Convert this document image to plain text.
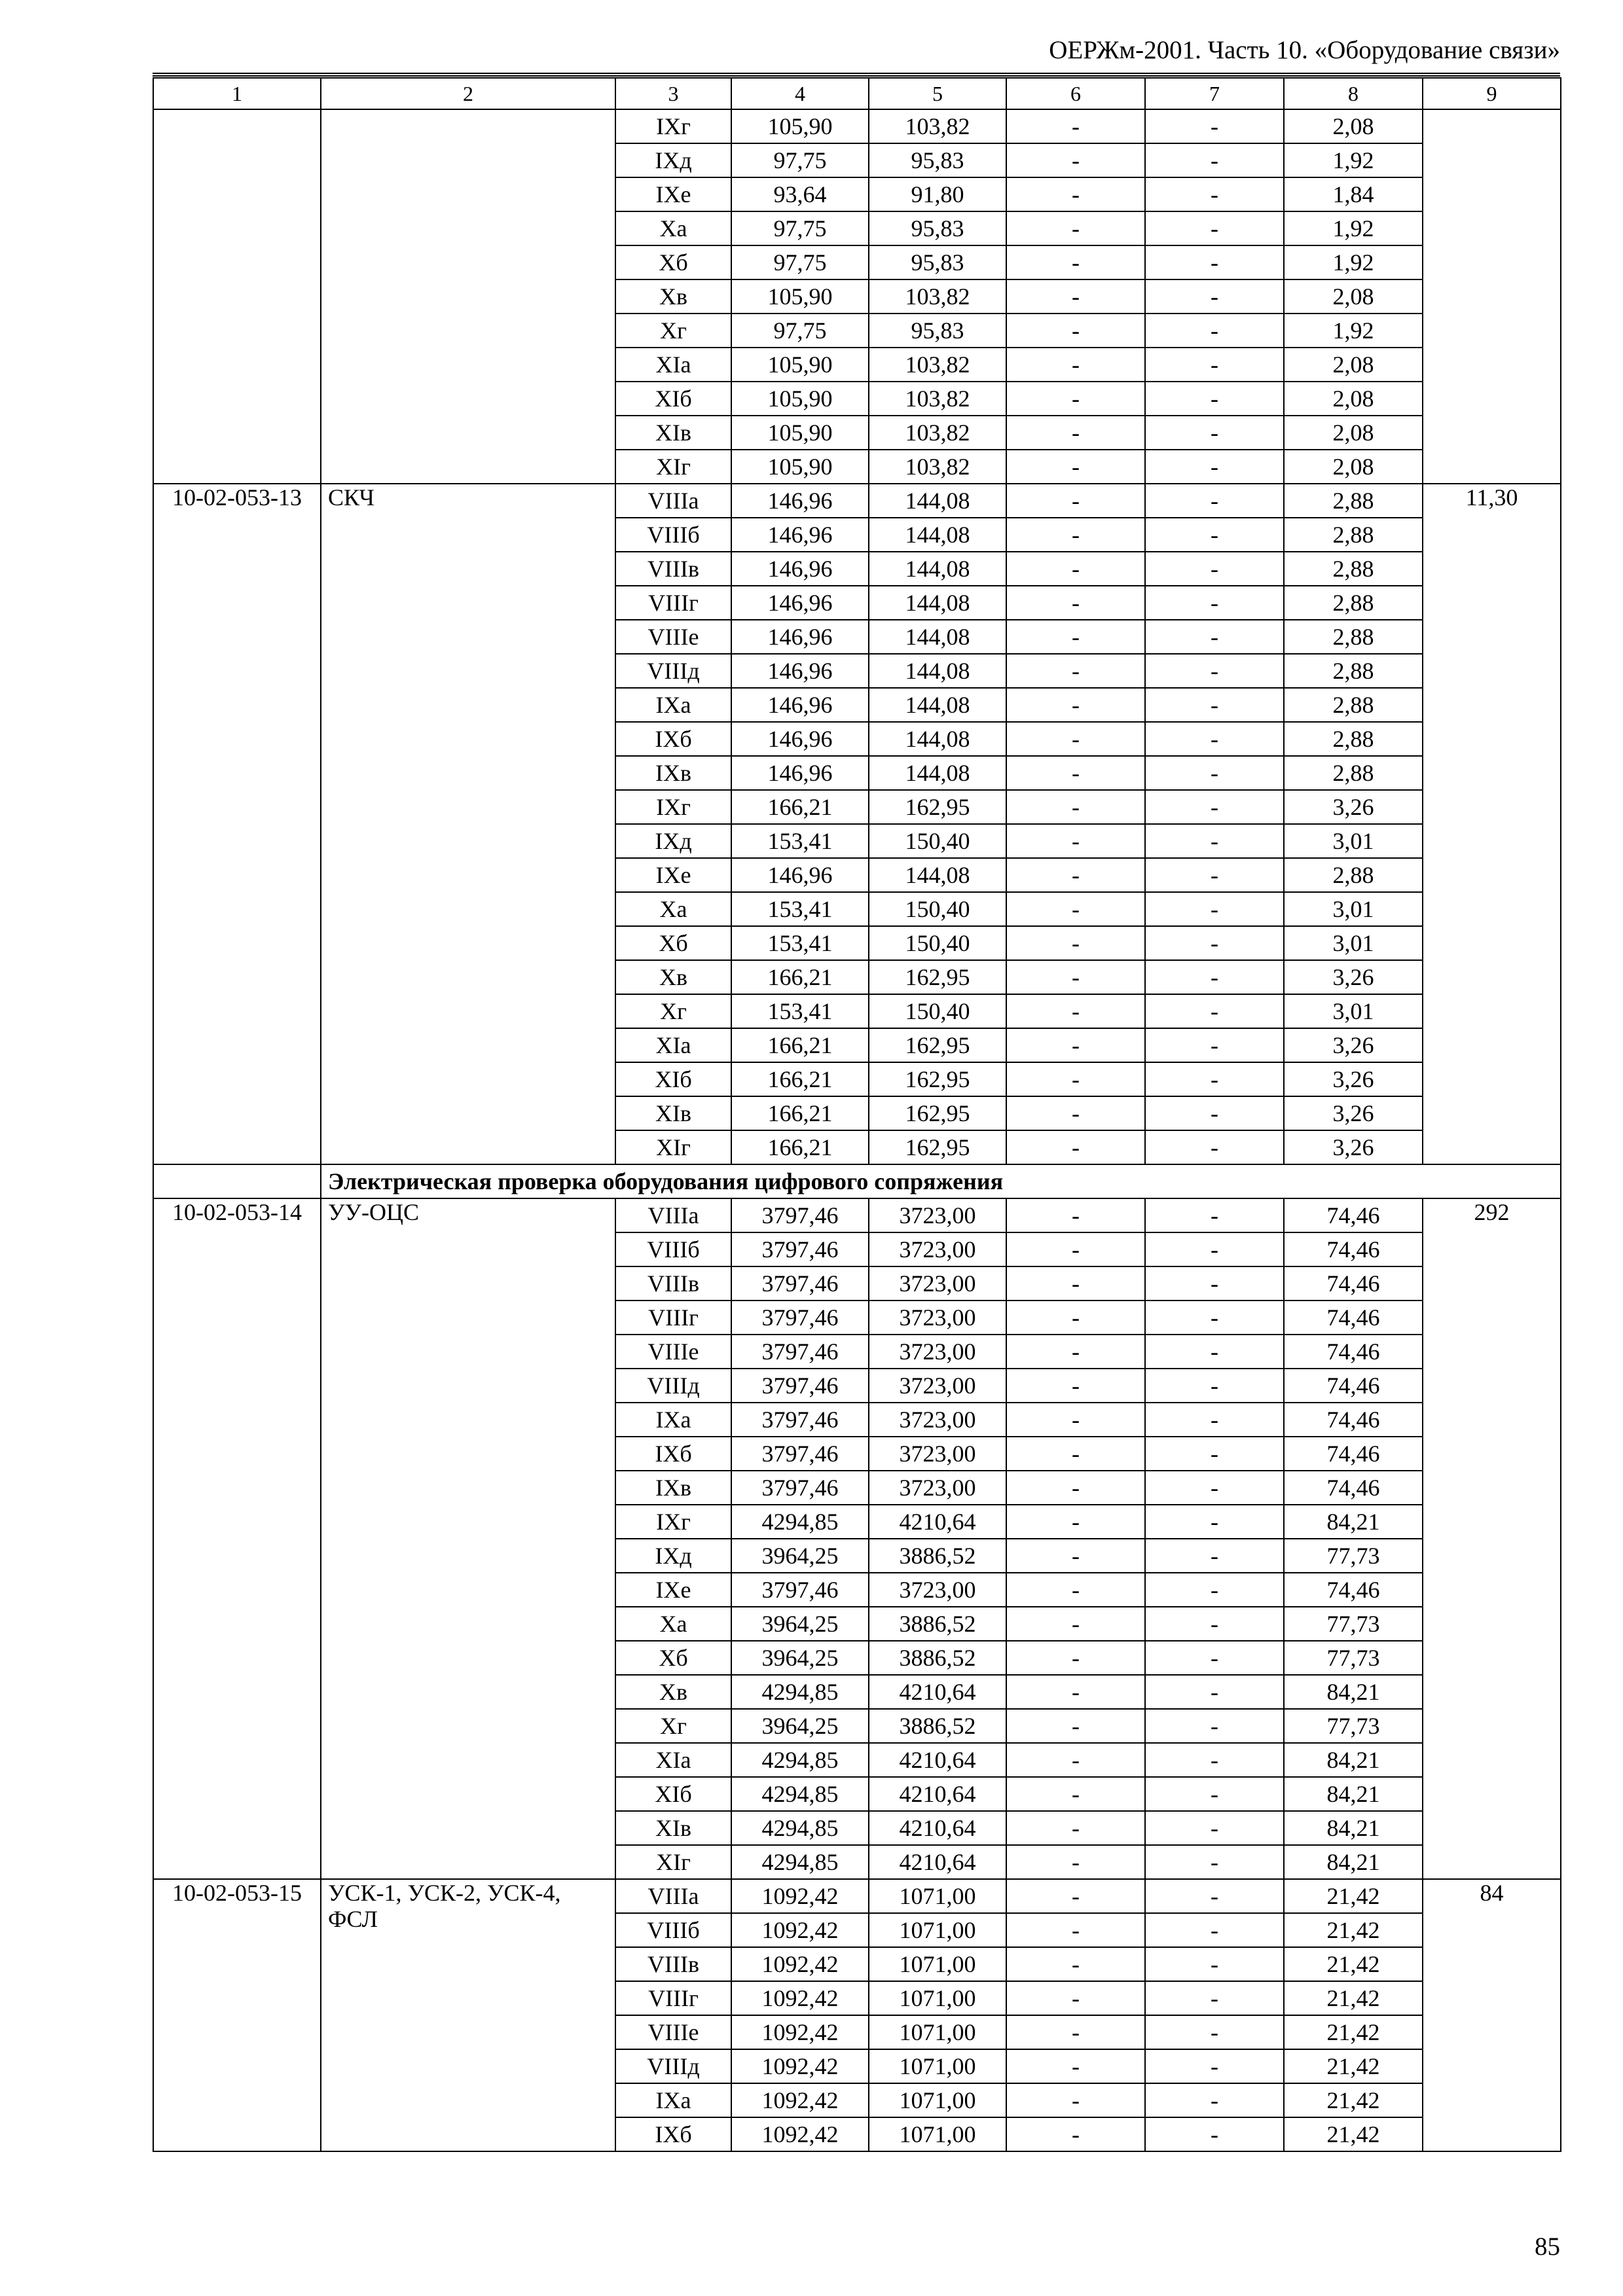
ОЕРЖм-2001. Часть 10. «Оборудование связи»
1	2	3	4	5	6	7	8	9
		IXг	105,90	103,82	-	-	2,08	
		IXд	97,75	95,83	-	-	1,92	
		IXе	93,64	91,80	-	-	1,84	
		Xа	97,75	95,83	-	-	1,92	
		Xб	97,75	95,83	-	-	1,92	
		Xв	105,90	103,82	-	-	2,08	
		Xг	97,75	95,83	-	-	1,92	
		XIа	105,90	103,82	-	-	2,08	
		XIб	105,90	103,82	-	-	2,08	
		XIв	105,90	103,82	-	-	2,08	
		XIг	105,90	103,82	-	-	2,08	
10-02-053-13	СКЧ	VIIIа	146,96	144,08	-	-	2,88	11,30
		VIIIб	146,96	144,08	-	-	2,88	
		VIIIв	146,96	144,08	-	-	2,88	
		VIIIг	146,96	144,08	-	-	2,88	
		VIIIе	146,96	144,08	-	-	2,88	
		VIIIд	146,96	144,08	-	-	2,88	
		IXа	146,96	144,08	-	-	2,88	
		IXб	146,96	144,08	-	-	2,88	
		IXв	146,96	144,08	-	-	2,88	
		IXг	166,21	162,95	-	-	3,26	
		IXд	153,41	150,40	-	-	3,01	
		IXе	146,96	144,08	-	-	2,88	
		Xа	153,41	150,40	-	-	3,01	
		Xб	153,41	150,40	-	-	3,01	
		Xв	166,21	162,95	-	-	3,26	
		Xг	153,41	150,40	-	-	3,01	
		XIа	166,21	162,95	-	-	3,26	
		XIб	166,21	162,95	-	-	3,26	
		XIв	166,21	162,95	-	-	3,26	
		XIг	166,21	162,95	-	-	3,26	
	Электрическая проверка оборудования цифрового сопряжения							
10-02-053-14	УУ-ОЦС	VIIIа	3797,46	3723,00	-	-	74,46	292
		VIIIб	3797,46	3723,00	-	-	74,46	
		VIIIв	3797,46	3723,00	-	-	74,46	
		VIIIг	3797,46	3723,00	-	-	74,46	
		VIIIе	3797,46	3723,00	-	-	74,46	
		VIIIд	3797,46	3723,00	-	-	74,46	
		IXа	3797,46	3723,00	-	-	74,46	
		IXб	3797,46	3723,00	-	-	74,46	
		IXв	3797,46	3723,00	-	-	74,46	
		IXг	4294,85	4210,64	-	-	84,21	
		IXд	3964,25	3886,52	-	-	77,73	
		IXе	3797,46	3723,00	-	-	74,46	
		Xа	3964,25	3886,52	-	-	77,73	
		Xб	3964,25	3886,52	-	-	77,73	
		Xв	4294,85	4210,64	-	-	84,21	
		Xг	3964,25	3886,52	-	-	77,73	
		XIа	4294,85	4210,64	-	-	84,21	
		XIб	4294,85	4210,64	-	-	84,21	
		XIв	4294,85	4210,64	-	-	84,21	
		XIг	4294,85	4210,64	-	-	84,21	
10-02-053-15	УСК-1, УСК-2, УСК-4, ФСЛ	VIIIа	1092,42	1071,00	-	-	21,42	84
		VIIIб	1092,42	1071,00	-	-	21,42	
		VIIIв	1092,42	1071,00	-	-	21,42	
		VIIIг	1092,42	1071,00	-	-	21,42	
		VIIIе	1092,42	1071,00	-	-	21,42	
		VIIIд	1092,42	1071,00	-	-	21,42	
		IXа	1092,42	1071,00	-	-	21,42	
		IXб	1092,42	1071,00	-	-	21,42	
85
